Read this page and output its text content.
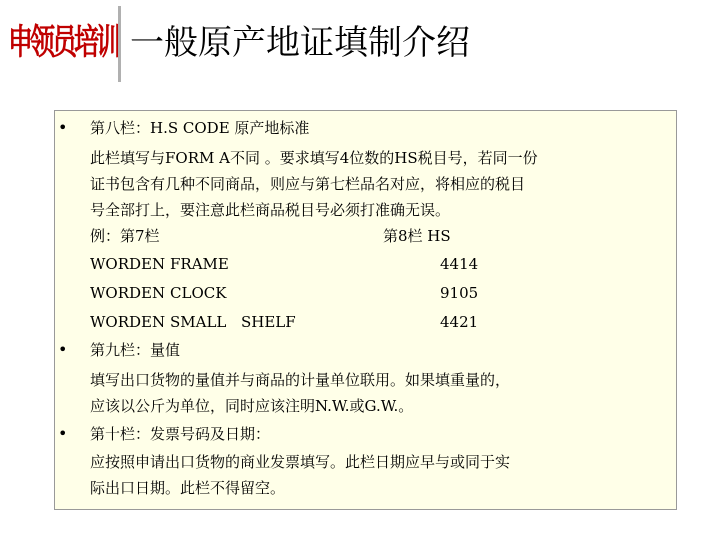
申领员培训 一般原产地证填制介绍
• 第八栏：H.S CODE 原产地标准
此栏填写与FORM A不同 。要求填写4位数的HS税目号，若同一份
证书包含有几种不同商品，则应与第七栏品名对应，将相应的税目
号全部打上，要注意此栏商品税目号必须打准确无误。
例：第7栏	第8栏 HS
WORDEN FRAME	4414
WORDEN CLOCK	9105
WORDEN SMALL SHELF	4421
• 第九栏：量值
填写出口货物的量值并与商品的计量单位联用。如果填重量的，
应该以公斤为单位，同时应该注明N.W.或G.W.。
• 第十栏：发票号码及日期：
应按照申请出口货物的商业发票填写。此栏日期应早与或同于实
际出口日期。此栏不得留空。
